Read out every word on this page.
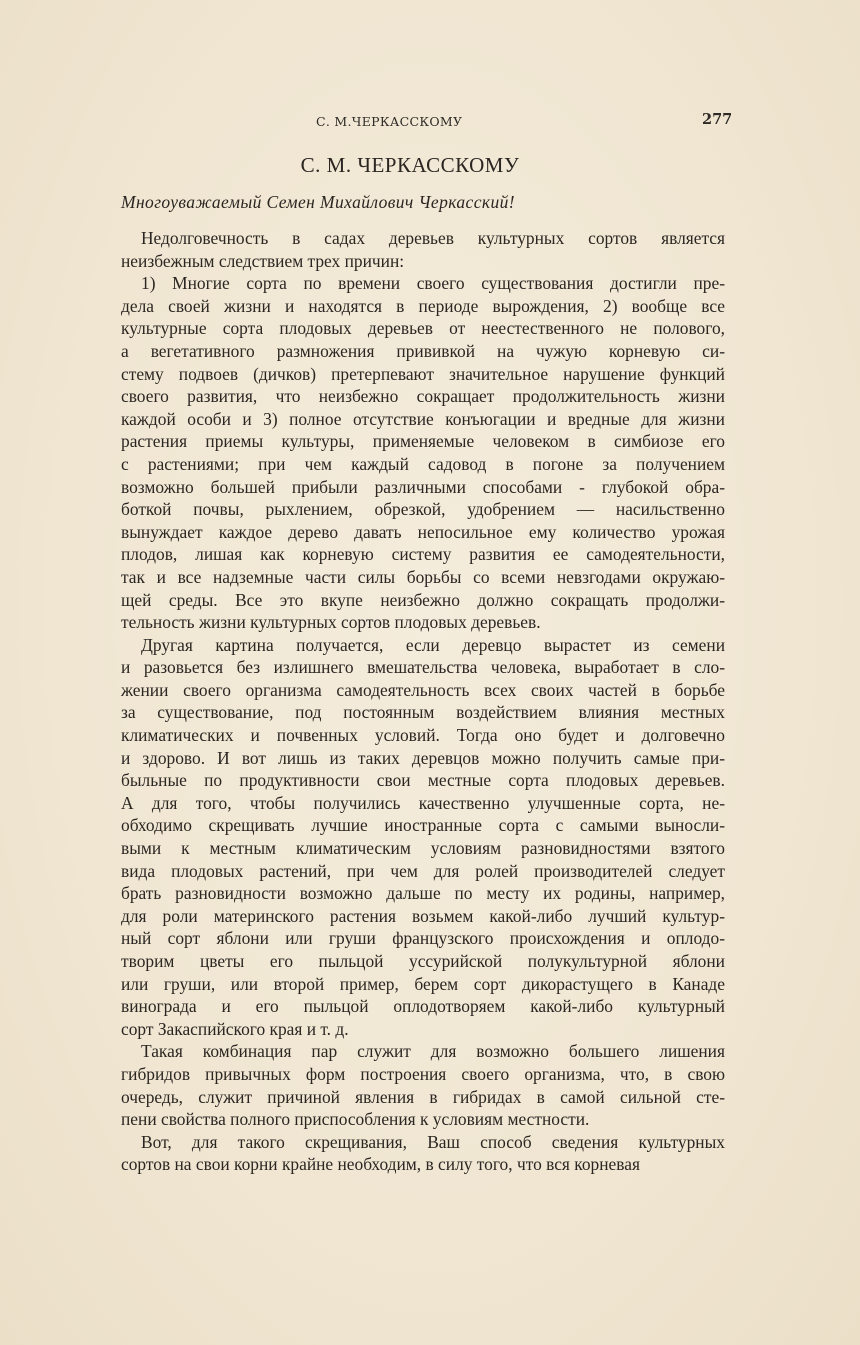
С. М.ЧЕРКАССКОМУ	277
С. М. ЧЕРКАССКОМУ
Многоуважаемый Семен Михайлович Черкасский!
Недолговечность в садах деревьев культурных сортов является
неизбежным следствием трех причин:
1) Многие сорта по времени своего существования достигли пре-
дела своей жизни и находятся в периоде вырождения, 2) вообще все
культурные сорта плодовых деревьев от неестественного не полового,
а вегетативного размножения прививкой на чужую корневую си-
стему подвоев (дичков) претерпевают значительное нарушение функций
своего развития, что неизбежно сокращает продолжительность жизни
каждой особи и 3) полное отсутствие конъюгации и вредные для жизни
растения приемы культуры, применяемые человеком в симбиозе его
с растениями; при чем каждый садовод в погоне за получением
возможно большей прибыли различными способами - глубокой обра-
боткой почвы, рыхлением, обрезкой, удобрением — насильственно
вынуждает каждое дерево давать непосильное ему количество урожая
плодов, лишая как корневую систему развития ее самодеятельности,
так и все надземные части силы борьбы со всеми невзгодами окружаю-
щей среды. Все это вкупе неизбежно должно сокращать продолжи-
тельность жизни культурных сортов плодовых деревьев.
Другая картина получается, если деревцо вырастет из семени
и разовьется без излишнего вмешательства человека, выработает в сло-
жении своего организма самодеятельность всех своих частей в борьбе
за существование, под постоянным воздействием влияния местных
климатических и почвенных условий. Тогда оно будет и долговечно
и здорово. И вот лишь из таких деревцов можно получить самые при-
быльные по продуктивности свои местные сорта плодовых деревьев.
А для того, чтобы получились качественно улучшенные сорта, не-
обходимо скрещивать лучшие иностранные сорта с самыми выносли-
выми к местным климатическим условиям разновидностями взятого
вида плодовых растений, при чем для ролей производителей следует
брать разновидности возможно дальше по месту их родины, например,
для роли материнского растения возьмем какой-либо лучший культур-
ный сорт яблони или груши французского происхождения и оплодо-
творим цветы его пыльцой уссурийской полукультурной яблони
или груши, или второй пример, берем сорт дикорастущего в Канаде
винограда и его пыльцой оплодотворяем какой-либо культурный
сорт Закаспийского края и т. д.
Такая комбинация пар служит для возможно большего лишения
гибридов привычных форм построения своего организма, что, в свою
очередь, служит причиной явления в гибридах в самой сильной сте-
пени свойства полного приспособления к условиям местности.
Вот, для такого скрещивания, Ваш способ сведения культурных
сортов на свои корни крайне необходим, в силу того, что вся корневая
